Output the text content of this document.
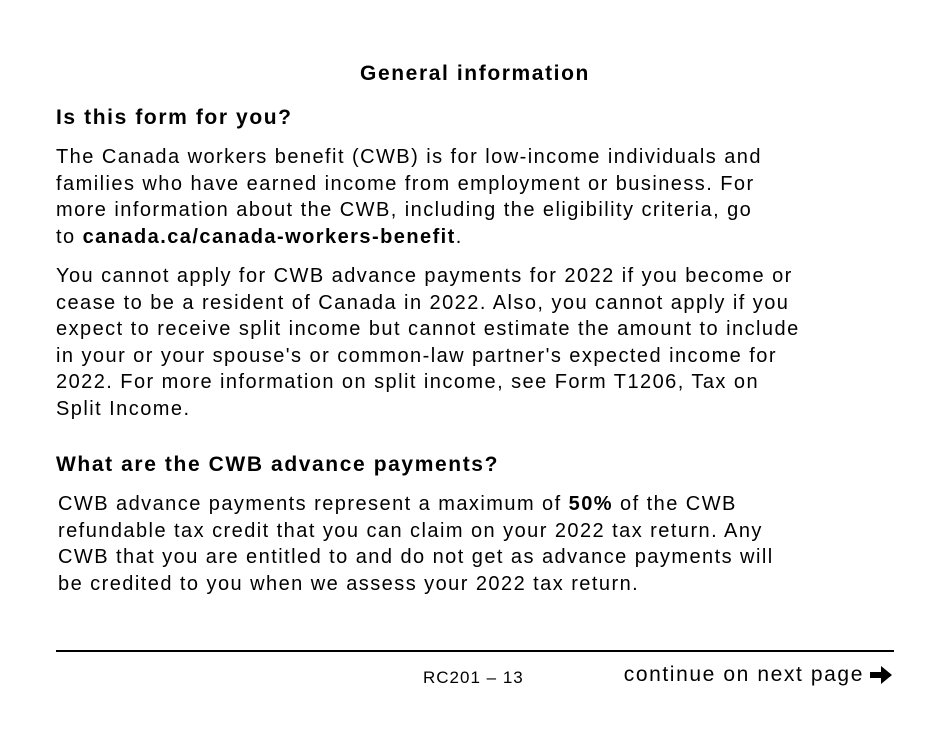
General information
Is this form for you?
The Canada workers benefit (CWB) is for low-income individuals and
families who have earned income from employment or business. For
more information about the CWB, including the eligibility criteria, go
to canada.ca/canada-workers-benefit.
You cannot apply for CWB advance payments for 2022 if you become or
cease to be a resident of Canada in 2022. Also, you cannot apply if you
expect to receive split income but cannot estimate the amount to include
in your or your spouse's or common-law partner's expected income for
2022. For more information on split income, see Form T1206, Tax on
Split Income.
What are the CWB advance payments?
CWB advance payments represent a maximum of 50% of the CWB
refundable tax credit that you can claim on your 2022 tax return. Any
CWB that you are entitled to and do not get as advance payments will
be credited to you when we assess your 2022 tax return.
RC201 – 13	continue on next page
